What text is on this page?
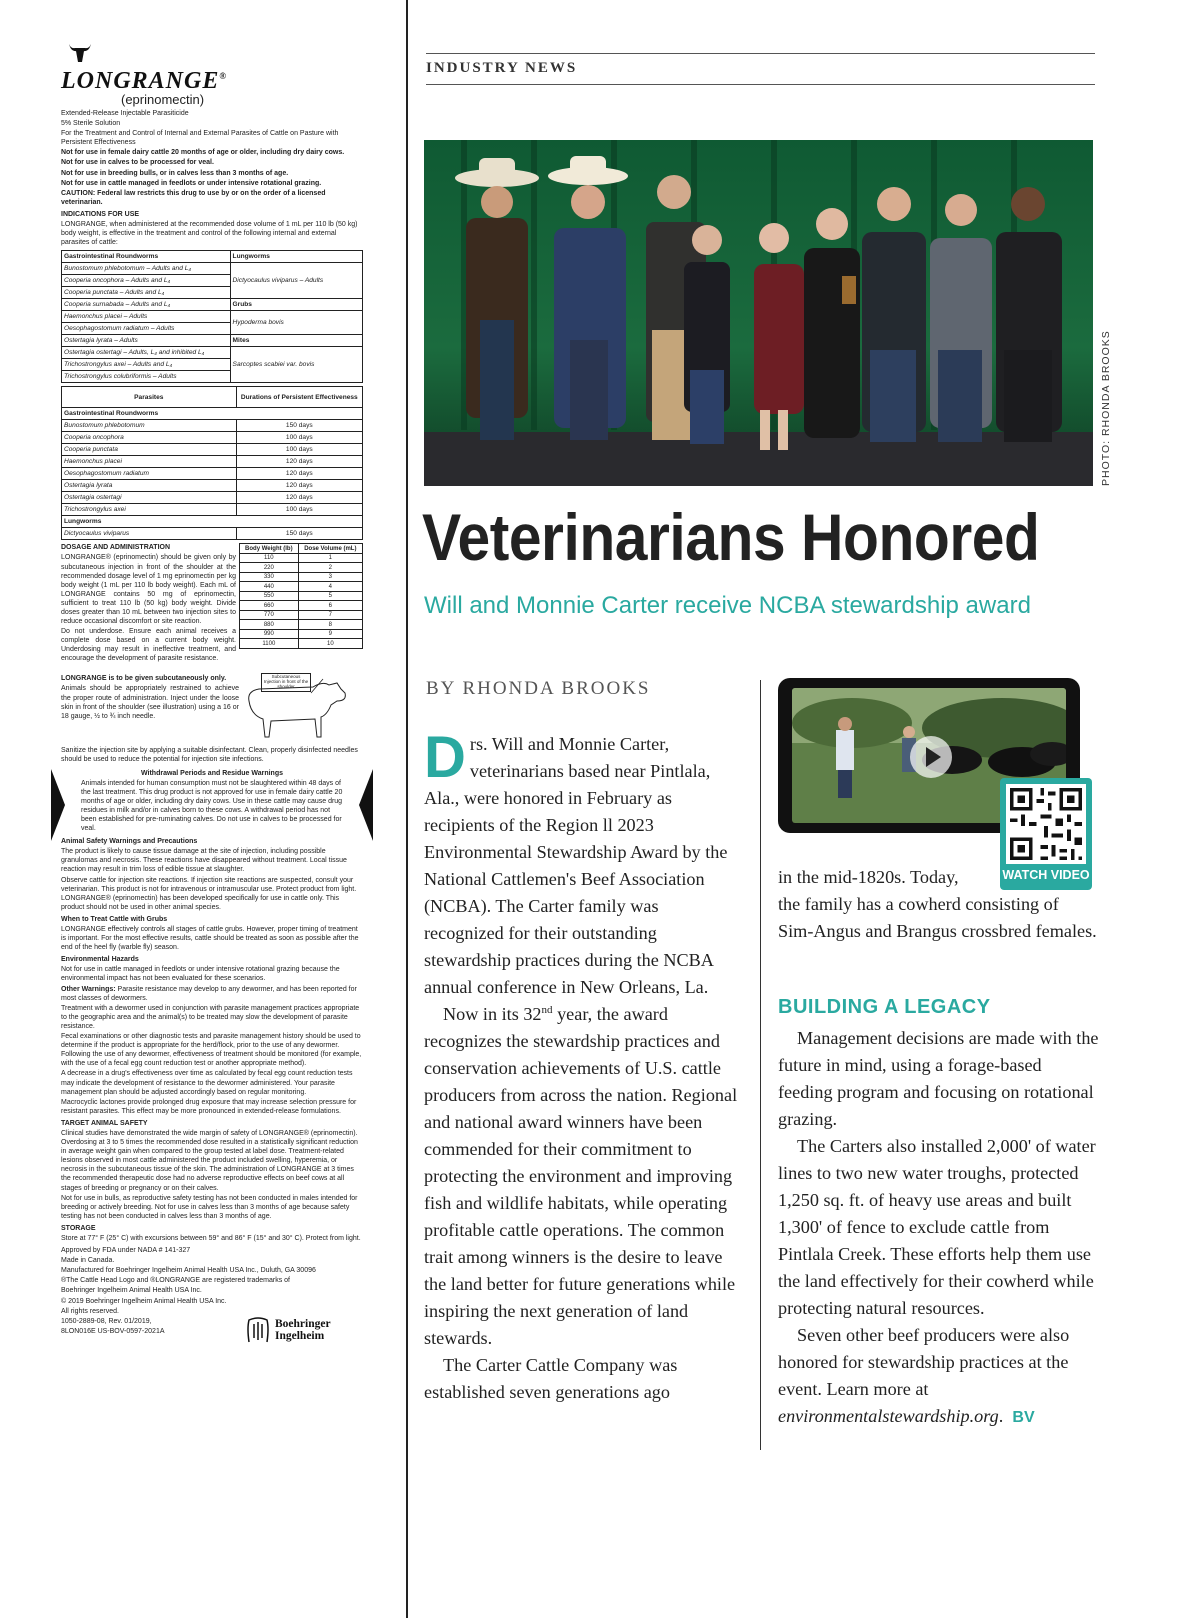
LONGRANGE®
(eprinomectin)
Extended-Release Injectable Parasiticide
5% Sterile Solution
For the Treatment and Control of Internal and External Parasites of Cattle on Pasture with Persistent Effectiveness
Not for use in female dairy cattle 20 months of age or older, including dry dairy cows.
Not for use in calves to be processed for veal.
Not for use in breeding bulls, or in calves less than 3 months of age.
Not for use in cattle managed in feedlots or under intensive rotational grazing.
CAUTION: Federal law restricts this drug to use by or on the order of a licensed veterinarian.
INDICATIONS FOR USE
LONGRANGE, when administered at the recommended dose volume of 1 mL per 110 lb (50 kg) body weight, is effective in the treatment and control of the following internal and external parasites of cattle:
Gastrointestinal Roundworms	Lungworms
Bunostomum phlebotomum – Adults and L₄	Dictyocaulus viviparus – Adults
Cooperia oncophora – Adults and L₄	
Cooperia punctata – Adults and L₄	
Cooperia surnabada – Adults and L₄	Grubs
Haemonchus placei – Adults	Hypoderma bovis
Oesophagostomum radiatum – Adults	
Ostertagia lyrata – Adults	Mites
Ostertagia ostertagi – Adults, L₄ and inhibited L₄	Sarcoptes scabiei var. bovis
Trichostrongylus axei – Adults and L₄	
Trichostrongylus colubriformis – Adults	
Parasites	Durations of Persistent Effectiveness
Gastrointestinal Roundworms	
Bunostomum phlebotomum	150 days
Cooperia oncophora	100 days
Cooperia punctata	100 days
Haemonchus placei	120 days
Oesophagostomum radiatum	120 days
Ostertagia lyrata	120 days
Ostertagia ostertagi	120 days
Trichostrongylus axei	100 days
Lungworms	
Dictyocaulus viviparus	150 days
DOSAGE AND ADMINISTRATION
LONGRANGE® (eprinomectin) should be given only by subcutaneous injection in front of the shoulder at the recommended dosage level of 1 mg eprinomectin per kg body weight (1 mL per 110 lb body weight). Each mL of LONGRANGE contains 50 mg of eprinomectin, sufficient to treat 110 lb (50 kg) body weight. Divide doses greater than 10 mL between two injection sites to reduce occasional discomfort or site reaction.
Do not underdose. Ensure each animal receives a complete dose based on a current body weight. Underdosing may result in ineffective treatment, and encourage the development of parasite resistance.
Body Weight (lb)	Dose Volume (mL)
110	1
220	2
330	3
440	4
550	5
660	6
770	7
880	8
990	9
1100	10
LONGRANGE is to be given subcutaneously only.
Animals should be appropriately restrained to achieve the proper route of administration. Inject under the loose skin in front of the shoulder (see illustration) using a 16 or 18 gauge, ½ to ¾ inch needle.
Subcutaneous Injection in front of the shoulder
Sanitize the injection site by applying a suitable disinfectant. Clean, properly disinfected needles should be used to reduce the potential for injection site infections.
Withdrawal Periods and Residue Warnings
Animals intended for human consumption must not be slaughtered within 48 days of the last treatment. This drug product is not approved for use in female dairy cattle 20 months of age or older, including dry dairy cows. Use in these cattle may cause drug residues in milk and/or in calves born to these cows. A withdrawal period has not been established for pre-ruminating calves. Do not use in calves to be processed for veal.
Animal Safety Warnings and Precautions
The product is likely to cause tissue damage at the site of injection, including possible granulomas and necrosis. These reactions have disappeared without treatment. Local tissue reaction may result in trim loss of edible tissue at slaughter.
Observe cattle for injection site reactions. If injection site reactions are suspected, consult your veterinarian. This product is not for intravenous or intramuscular use. Protect product from light. LONGRANGE® (eprinomectin) has been developed specifically for use in cattle only. This product should not be used in other animal species.
When to Treat Cattle with Grubs
LONGRANGE effectively controls all stages of cattle grubs. However, proper timing of treatment is important. For the most effective results, cattle should be treated as soon as possible after the end of the heel fly (warble fly) season.
Environmental Hazards
Not for use in cattle managed in feedlots or under intensive rotational grazing because the environmental impact has not been evaluated for these scenarios.
Other Warnings: Parasite resistance may develop to any dewormer, and has been reported for most classes of dewormers.
Treatment with a dewormer used in conjunction with parasite management practices appropriate to the geographic area and the animal(s) to be treated may slow the development of parasite resistance.
Fecal examinations or other diagnostic tests and parasite management history should be used to determine if the product is appropriate for the herd/flock, prior to the use of any dewormer. Following the use of any dewormer, effectiveness of treatment should be monitored (for example, with the use of a fecal egg count reduction test or another appropriate method).
A decrease in a drug's effectiveness over time as calculated by fecal egg count reduction tests may indicate the development of resistance to the dewormer administered. Your parasite management plan should be adjusted accordingly based on regular monitoring.
Macrocyclic lactones provide prolonged drug exposure that may increase selection pressure for resistant parasites. This effect may be more pronounced in extended-release formulations.
TARGET ANIMAL SAFETY
Clinical studies have demonstrated the wide margin of safety of LONGRANGE® (eprinomectin). Overdosing at 3 to 5 times the recommended dose resulted in a statistically significant reduction in average weight gain when compared to the group tested at label dose. Treatment-related lesions observed in most cattle administered the product included swelling, hyperemia, or necrosis in the subcutaneous tissue of the skin. The administration of LONGRANGE at 3 times the recommended therapeutic dose had no adverse reproductive effects on beef cows at all stages of breeding or pregnancy or on their calves.
Not for use in bulls, as reproductive safety testing has not been conducted in males intended for breeding or actively breeding. Not for use in calves less than 3 months of age because safety testing has not been conducted in calves less than 3 months of age.
STORAGE
Store at 77° F (25° C) with excursions between 59° and 86° F (15° and 30° C). Protect from light.
Approved by FDA under NADA # 141-327
Made in Canada.
Manufactured for Boehringer Ingelheim Animal Health USA Inc., Duluth, GA 30096
®The Cattle Head Logo and ®LONGRANGE are registered trademarks of
Boehringer Ingelheim Animal Health USA Inc.
© 2019 Boehringer Ingelheim Animal Health USA Inc.
All rights reserved.
1050-2889-08, Rev. 01/2019,
8LON016E US-BOV-0597-2021A
Boehringer
Ingelheim
INDUSTRY NEWS
PHOTO: RHONDA BROOKS
Veterinarians Honored
Will and Monnie Carter receive NCBA stewardship award
BY RHONDA BROOKS

Drs. Will and Monnie Carter, veterinarians based near Pintlala, Ala., were honored in February as recipients of the Region ll 2023 Environmental Stewardship Award by the National Cattlemen's Beef Association (NCBA). The Carter family was recognized for their outstanding stewardship practices during the NCBA annual conference in New Orleans, La.

Now in its 32nd year, the award recognizes the stewardship practices and conservation achievements of U.S. cattle producers from across the nation. Regional and national award winners have been commended for their commitment to protecting the environment and improving fish and wildlife habitats, while operating profitable cattle operations. The common trait among winners is the desire to leave the land better for future generations while inspiring the next generation of land stewards.

The Carter Cattle Company was established seven generations ago

WATCH VIDEO

in the mid-1820s. Today,

the family has a cowherd consisting of Sim-Angus and Brangus crossbred females.

BUILDING A LEGACY

Management decisions are made with the future in mind, using a forage-based feeding program and focusing on rotational grazing.

The Carters also installed 2,000' of water lines to two new water troughs, protected 1,250 sq. ft. of heavy use areas and built 1,300' of fence to exclude cattle from Pintlala Creek. These efforts help them use the land effectively for their cowherd while protecting natural resources.

Seven other beef producers were also honored for stewardship practices at the event. Learn more at environmentalstewardship.org. BV
